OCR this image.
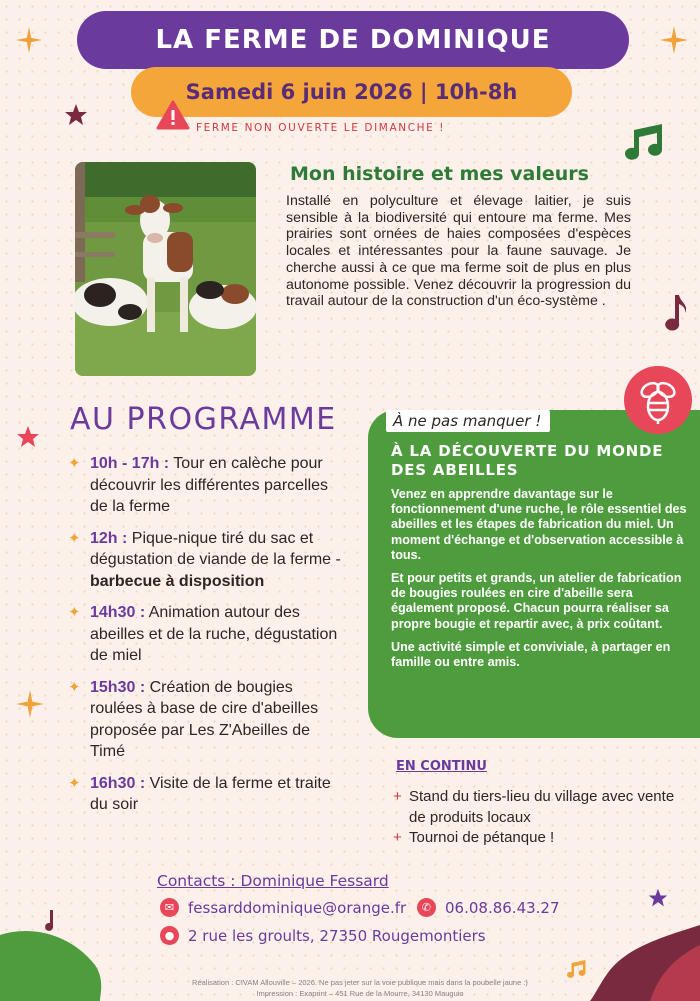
LA FERME DE DOMINIQUE
Samedi 6 juin 2026 | 10h-8h
FERME NON OUVERTE LE DIMANCHE !
Mon histoire et mes valeurs
Installé en polyculture et élevage laitier, je suis sensible à la biodiversité qui entoure ma ferme. Mes prairies sont ornées de haies composées d'espèces locales et intéressantes pour la faune sauvage. Je cherche aussi à ce que ma ferme soit de plus en plus autonome possible. Venez découvrir la progression du travail autour de la construction d'un éco-système .
AU PROGRAMME
✦ 10h - 17h : Tour en calèche pour découvrir les différentes parcelles de la ferme
✦ 12h : Pique-nique tiré du sac et dégustation de viande de la ferme - barbecue à disposition
✦ 14h30 : Animation autour des abeilles et de la ruche, dégustation de miel
✦ 15h30 : Création de bougies roulées à base de cire d'abeilles proposée par Les Z'Abeilles de Timé
✦ 16h30 : Visite de la ferme et traite du soir
À ne pas manquer !
À LA DÉCOUVERTE DU MONDE DES ABEILLES

Venez en apprendre davantage sur le fonctionnement d'une ruche, le rôle essentiel des abeilles et les étapes de fabrication du miel. Un moment d'échange et d'observation accessible à tous.

Et pour petits et grands, un atelier de fabrication de bougies roulées en cire d'abeille sera également proposé. Chacun pourra réaliser sa propre bougie et repartir avec, à prix coûtant.

Une activité simple et conviviale, à partager en famille ou entre amis.

EN CONTINU
+ Stand du tiers-lieu du village avec vente de produits locaux
+ Tournoi de pétanque !
Contacts : Dominique Fessard
✉ fessarddominique@orange.fr	✆ 06.08.86.43.27
● 2 rue les groults, 27350 Rougemontiers
Réalisation : CIVAM Allouville – 2026. Ne pas jeter sur la voie publique mais dans la poubelle jaune :)
Impression : Exaprint – 451 Rue de la Mourre, 34130 Mauguio
